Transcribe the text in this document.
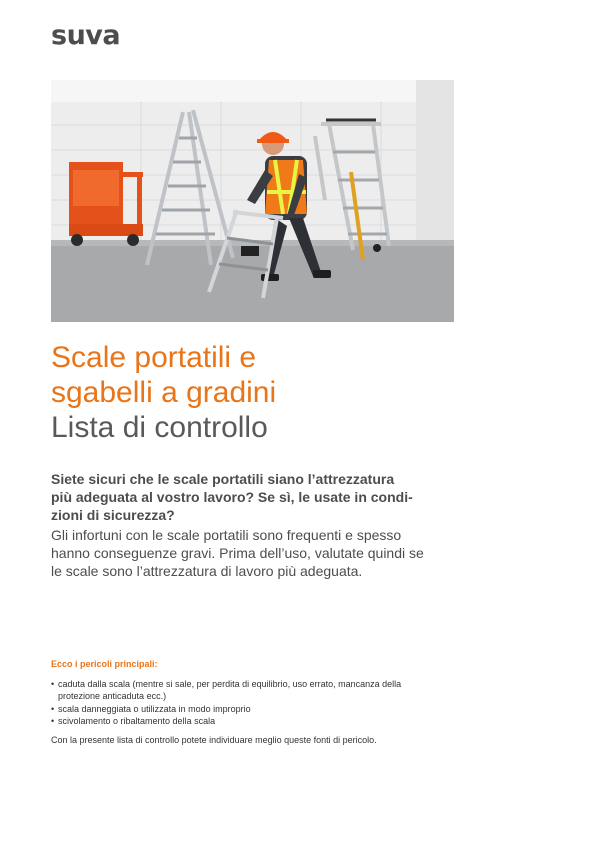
suva
Scale portatili e
sgabelli a gradini
Lista di controllo

Siete sicuri che le scale portatili siano l’attrezzatura
più adeguata al vostro lavoro? Se sì, le usate in condi-
zioni di sicurezza?

Gli infortuni con le scale portatili sono frequenti e spesso
hanno conseguenze gravi. Prima dell’uso, valutate quindi se
le scale sono l’attrezzatura di lavoro più adeguata.

Ecco i pericoli principali:

• caduta dalla scala (mentre si sale, per perdita di equilibrio, uso errato, mancanza della
protezione anticaduta ecc.)
• scala danneggiata o utilizzata in modo improprio
• scivolamento o ribaltamento della scala

Con la presente lista di controllo potete individuare meglio queste fonti di pericolo.
